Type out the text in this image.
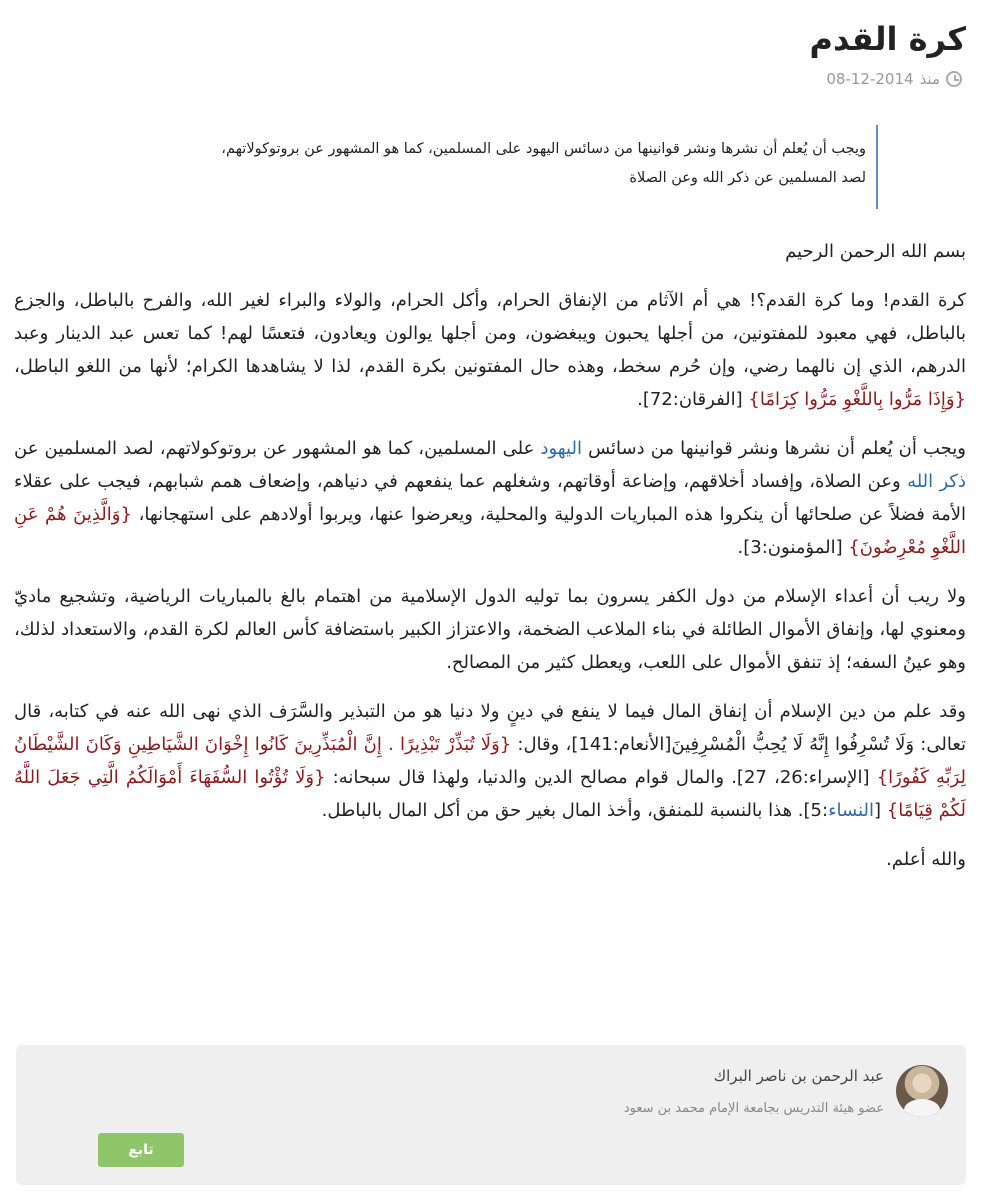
كرة القدم
منذ
08-12-2014
ويجب أن يُعلم أن نشرها ونشر قوانينها من دسائس اليهود على المسلمين، كما هو المشهور عن بروتوكولاتهم،
لصد المسلمين عن ذكر الله وعن الصلاة

بسم الله الرحمن الرحيم

كرة القدم! وما كرة القدم؟! هي أم الآثام من الإنفاق الحرام، وأكل الحرام، والولاء والبراء لغير الله، والفرح بالباطل، والجزع بالباطل، فهي معبود للمفتونين، من أجلها يحبون ويبغضون، ومن أجلها يوالون ويعادون، فتعسًا لهم! كما تعس عبد الدينار وعبد الدرهم، الذي إن نالهما رضي، وإن حُرم سخط، وهذه حال المفتونين بكرة القدم، لذا لا يشاهدها الكرام؛ لأنها من اللغو الباطل، {وَإِذَا مَرُّوا بِاللَّغْوِ مَرُّوا كِرَامًا} [الفرقان:72].

ويجب أن يُعلم أن نشرها ونشر قوانينها من دسائس اليهود على المسلمين، كما هو المشهور عن بروتوكولاتهم، لصد المسلمين عن ذكر الله وعن الصلاة، وإفساد أخلاقهم، وإضاعة أوقاتهم، وشغلهم عما ينفعهم في دنياهم، وإضعاف همم شبابهم، فيجب على عقلاء الأمة فضلاً عن صلحائها أن ينكروا هذه المباريات الدولية والمحلية، ويعرضوا عنها، ويربوا أولادهم على استهجانها، {وَالَّذِينَ هُمْ عَنِ اللَّغْوِ مُعْرِضُونَ} [المؤمنون:3].

ولا ريب أن أعداء الإسلام من دول الكفر يسرون بما توليه الدول الإسلامية من اهتمام بالغ بالمباريات الرياضية، وتشجيع ماديّ ومعنوي لها، وإنفاق الأموال الطائلة في بناء الملاعب الضخمة، والاعتزاز الكبير باستضافة كأس العالم لكرة القدم، والاستعداد لذلك، وهو عينُ السفه؛ إذ تنفق الأموال على اللعب، ويعطل كثير من المصالح.

وقد علم من دين الإسلام أن إنفاق المال فيما لا ينفع في دينٍ ولا دنيا هو من التبذير والسَّرَف الذي نهى الله عنه في كتابه، قال تعالى: وَلَا تُسْرِفُوا إِنَّهُ لَا يُحِبُّ الْمُسْرِفِينَ[الأنعام:141]، وقال: {وَلَا تُبَذِّرْ تَبْذِيرًا . إِنَّ الْمُبَذِّرِينَ كَانُوا إِخْوَانَ الشَّيَاطِينِ وَكَانَ الشَّيْطَانُ لِرَبِّهِ كَفُورًا} [الإسراء:26، 27]. والمال قوام مصالح الدين والدنيا، ولهذا قال سبحانه: {وَلَا تُؤْتُوا السُّفَهَاءَ أَمْوَالَكُمُ الَّتِي جَعَلَ اللَّهُ لَكُمْ قِيَامًا} [النساء:5]. هذا بالنسبة للمنفق، وأخذ المال بغير حق من أكل المال بالباطل.

والله أعلم.

عبد الرحمن بن ناصر البراك
عضو هيئة التدريس بجامعة الإمام محمد بن سعود
تابع
